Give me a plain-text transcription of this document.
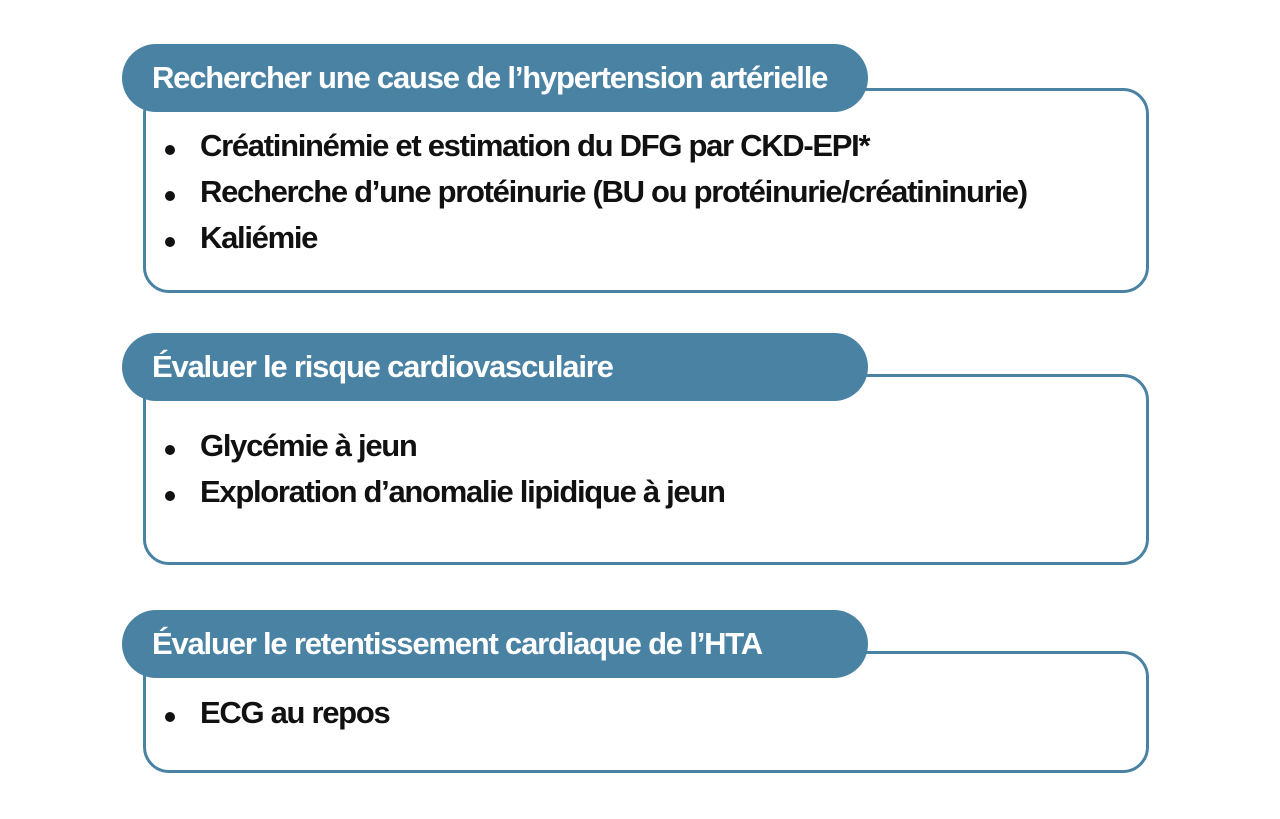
Rechercher une cause de l’hypertension artérielle
Créatininémie et estimation du DFG par CKD-EPI*
Recherche d’une protéinurie (BU ou protéinurie/créatininurie)
Kaliémie
Évaluer le risque cardiovasculaire
Glycémie à jeun
Exploration d’anomalie lipidique à jeun
Évaluer le retentissement cardiaque de l’HTA
ECG au repos
